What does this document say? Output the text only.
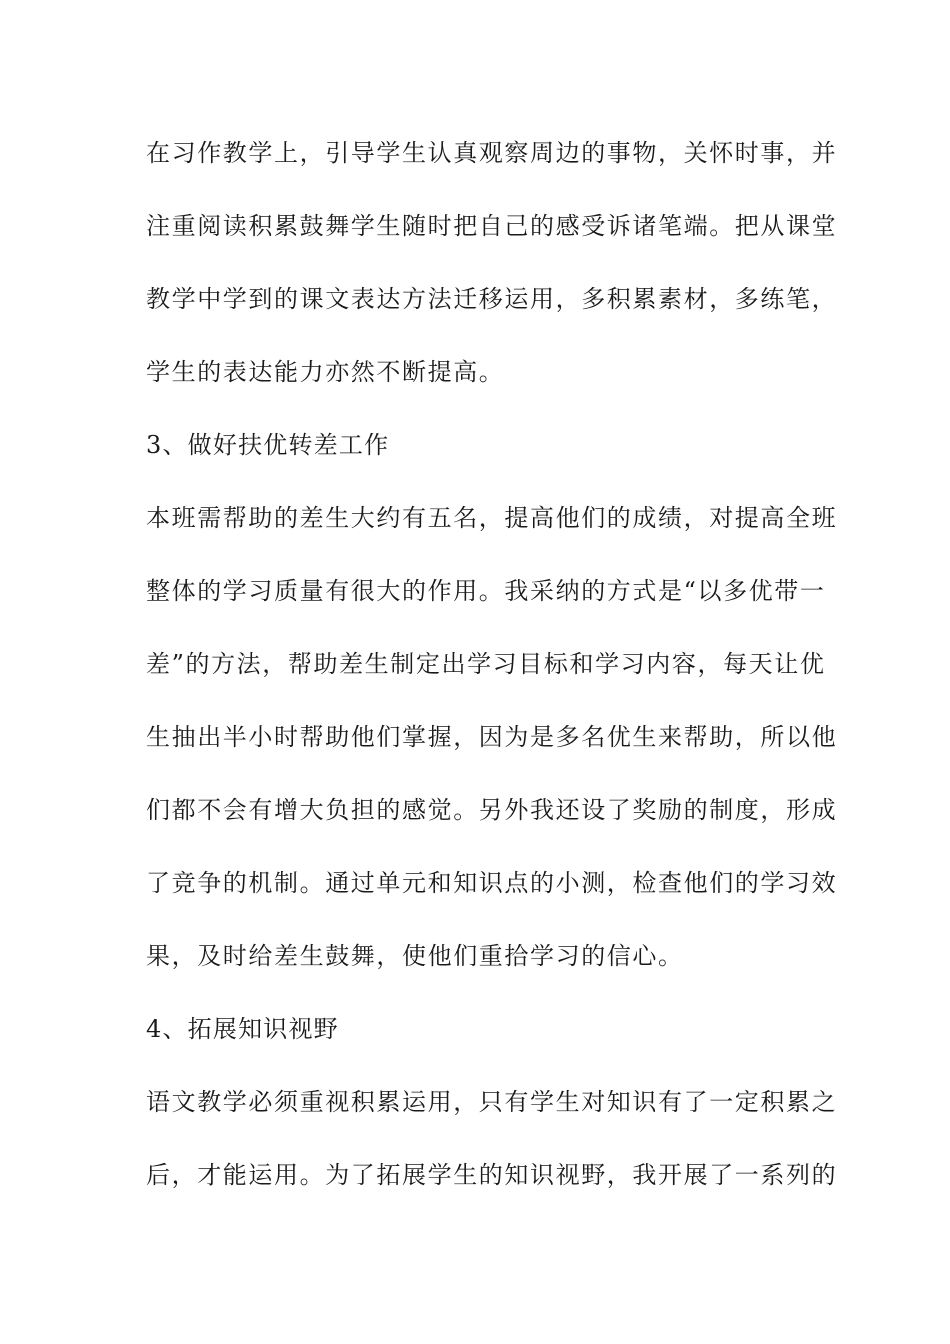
在习作教学上，引导学生认真观察周边的事物，关怀时事，并
注重阅读积累鼓舞学生随时把自己的感受诉诸笔端。把从课堂
教学中学到的课文表达方法迁移运用，多积累素材，多练笔，
学生的表达能力亦然不断提高。
3、做好扶优转差工作
本班需帮助的差生大约有五名，提高他们的成绩，对提高全班
整体的学习质量有很大的作用。我采纳的方式是“以多优带一
差”的方法，帮助差生制定出学习目标和学习内容，每天让优
生抽出半小时帮助他们掌握，因为是多名优生来帮助，所以他
们都不会有增大负担的感觉。另外我还设了奖励的制度，形成
了竞争的机制。通过单元和知识点的小测，检查他们的学习效
果，及时给差生鼓舞，使他们重拾学习的信心。
4、拓展知识视野
语文教学必须重视积累运用，只有学生对知识有了一定积累之
后，才能运用。为了拓展学生的知识视野，我开展了一系列的
